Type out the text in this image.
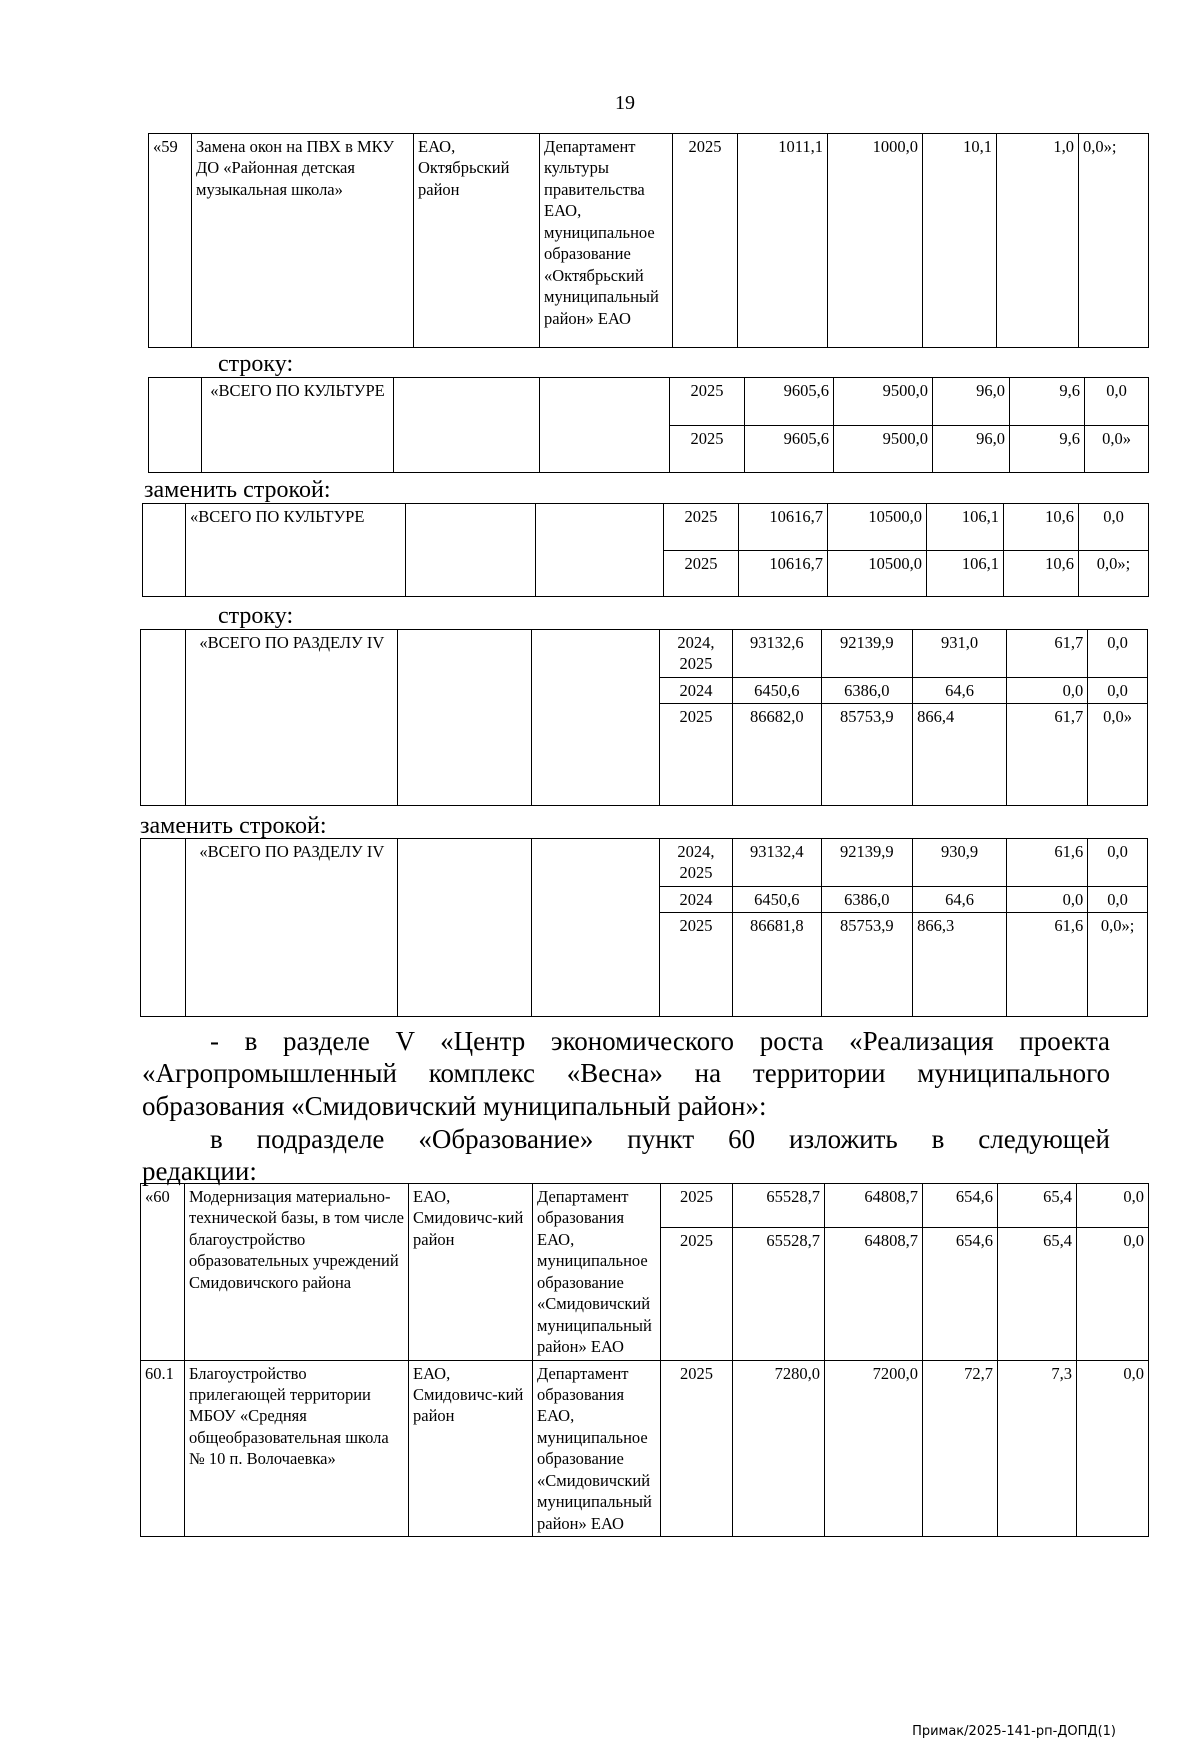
19
«59	Замена окон на ПВХ в МКУ ДО «Районная детская музыкальная школа»	ЕАО, Октябрьский район	Департамент культуры правительства ЕАО, муниципальное образование «Октябрьский муниципальный район» ЕАО	2025	1011,1	1000,0	10,1	1,0	0,0»;
строку:
	«ВСЕГО ПО КУЛЬТУРЕ			2025	9605,6	9500,0	96,0	9,6	0,0
				2025	9605,6	9500,0	96,0	9,6	0,0»
заменить строкой:
	«ВСЕГО ПО КУЛЬТУРЕ			2025	10616,7	10500,0	106,1	10,6	0,0
				2025	10616,7	10500,0	106,1	10,6	0,0»;
строку:
	«ВСЕГО ПО РАЗДЕЛУ IV			2024, 2025	93132,6	92139,9	931,0	61,7	0,0
				2024	6450,6	6386,0	64,6	0,0	0,0
				2025	86682,0	85753,9	866,4	61,7	0,0»
заменить строкой:
	«ВСЕГО ПО РАЗДЕЛУ IV			2024, 2025	93132,4	92139,9	930,9	61,6	0,0
				2024	6450,6	6386,0	64,6	0,0	0,0
				2025	86681,8	85753,9	866,3	61,6	0,0»;
- в разделе V «Центр экономического роста «Реализация проекта
«Агропромышленный комплекс «Весна» на территории муниципального
образования «Смидовичский муниципальный район»:
в подразделе «Образование» пункт 60 изложить в следующей
редакции:
«60	Модернизация материально-технической базы, в том числе благоустройство образовательных учреждений Смидовичского района	ЕАО, Смидовичс-кий район	Департамент образования ЕАО, муниципальное образование «Смидовичский муниципальный район» ЕАО	2025	65528,7	64808,7	654,6	65,4	0,0
				2025	65528,7	64808,7	654,6	65,4	0,0
60.1	Благоустройство прилегающей территории МБОУ «Средняя общеобразовательная школа № 10 п. Волочаевка»	ЕАО, Смидовичс-кий район	Департамент образования ЕАО, муниципальное образование «Смидовичский муниципальный район» ЕАО	2025	7280,0	7200,0	72,7	7,3	0,0
Примак/2025-141-рп-ДОПД(1)
